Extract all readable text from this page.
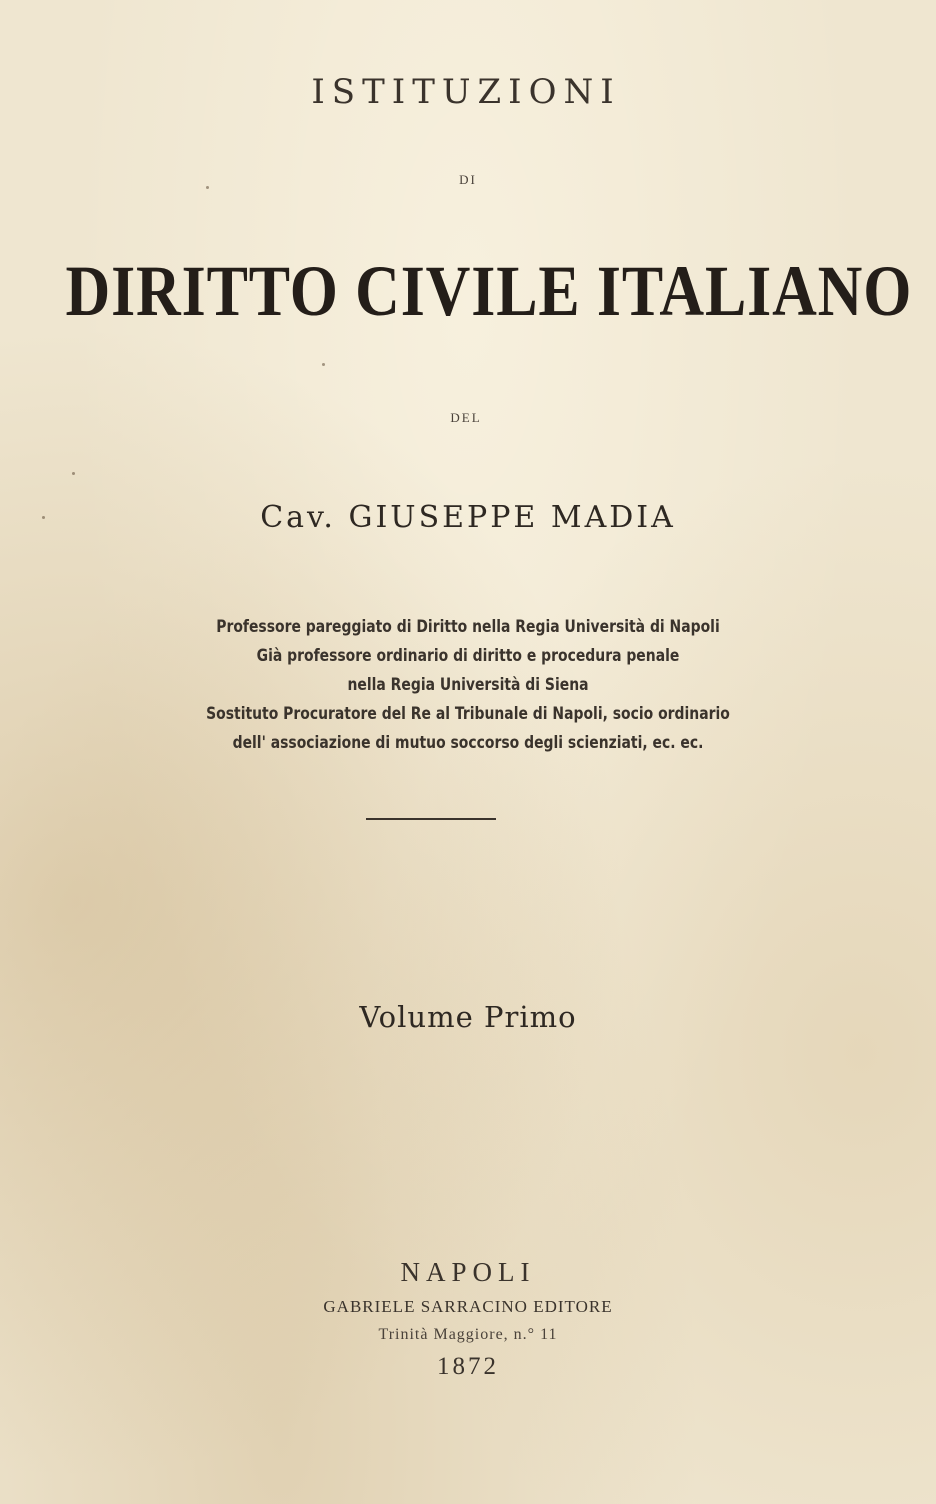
ISTITUZIONI
DI
DIRITTO CIVILE ITALIANO
DEL
Cav. GIUSEPPE MADIA
Professore pareggiato di Diritto nella Regia Università di Napoli
Già professore ordinario di diritto e procedura penale
nella Regia Università di Siena
Sostituto Procuratore del Re al Tribunale di Napoli, socio ordinario
dell' associazione di mutuo soccorso degli scienziati, ec. ec.
Volume Primo
NAPOLI
GABRIELE SARRACINO EDITORE
Trinità Maggiore, n.° 11
1872
